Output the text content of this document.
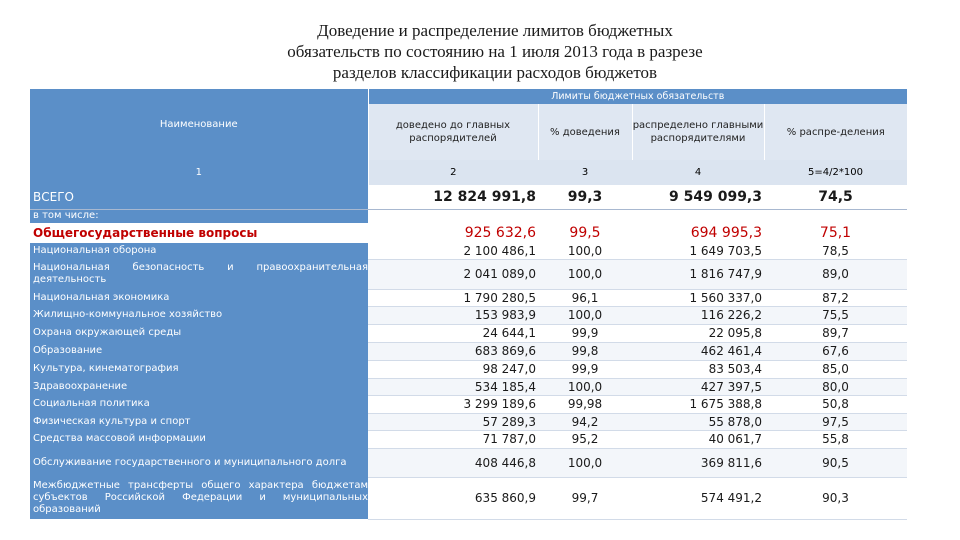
Доведение и распределение лимитов бюджетных
обязательств по состоянию на 1 июля 2013 года в разрезе
разделов классификации расходов бюджетов
Наименование	Лимиты бюджетных обязательств			
	доведено до главных распорядителей	% доведения	распределено главными распорядителями	% распре-деления
1	2	3	4	5=4/2*100
ВСЕГО	12 824 991,8	99,3	9 549 099,3	74,5
в том числе:				
Общегосударственные вопросы	925 632,6	99,5	694 995,3	75,1
Национальная оборона	2 100 486,1	100,0	1 649 703,5	78,5
Национальная безопасность и правоохранительная деятельность	2 041 089,0	100,0	1 816 747,9	89,0
Национальная экономика	1 790 280,5	96,1	1 560 337,0	87,2
Жилищно-коммунальное хозяйство	153 983,9	100,0	116 226,2	75,5
Охрана окружающей среды	24 644,1	99,9	22 095,8	89,7
Образование	683 869,6	99,8	462 461,4	67,6
Культура, кинематография	98 247,0	99,9	83 503,4	85,0
Здравоохранение	534 185,4	100,0	427 397,5	80,0
Социальная политика	3 299 189,6	99,98	1 675 388,8	50,8
Физическая культура и спорт	57 289,3	94,2	55 878,0	97,5
Средства массовой информации	71 787,0	95,2	40 061,7	55,8
Обслуживание государственного и муниципального долга	408 446,8	100,0	369 811,6	90,5
Межбюджетные трансферты общего характера бюджетам субъектов Российской Федерации и муниципальных образований	635 860,9	99,7	574 491,2	90,3
